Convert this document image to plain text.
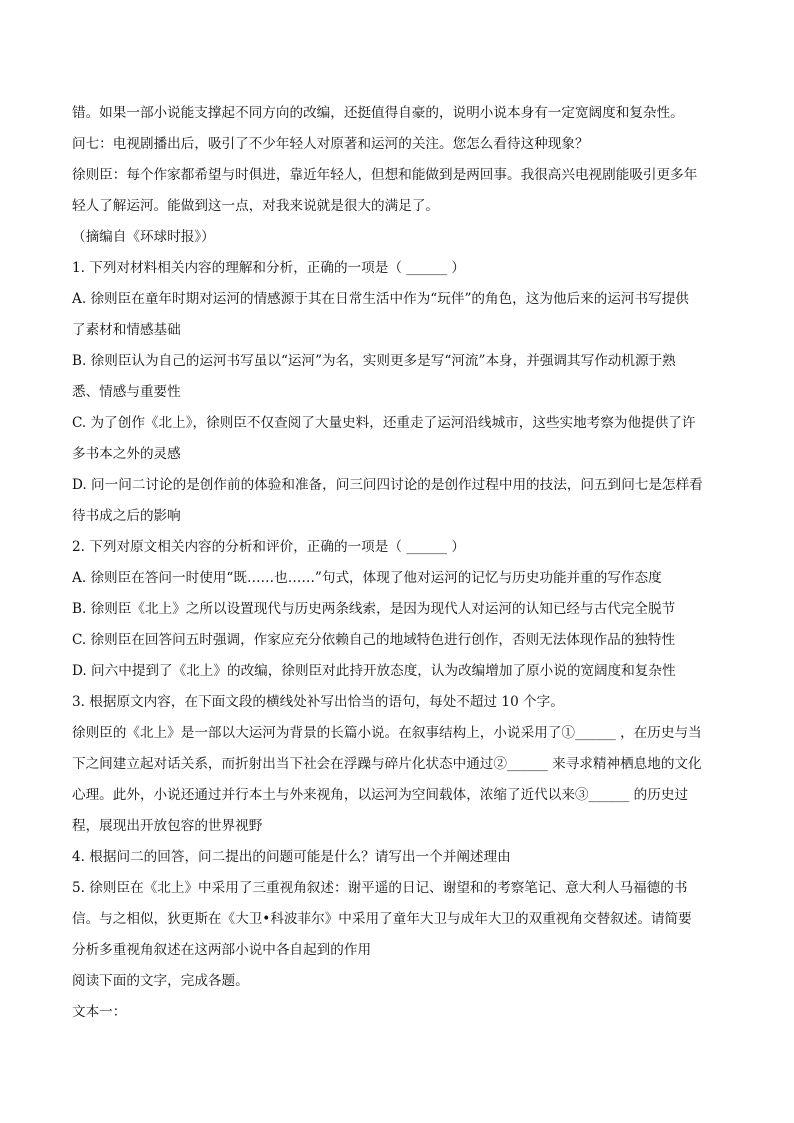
错。如果一部小说能支撑起不同方向的改编，还挺值得自豪的，说明小说本身有一定宽阔度和复杂性。
问七：电视剧播出后，吸引了不少年轻人对原著和运河的关注。您怎么看待这种现象？
徐则臣：每个作家都希望与时俱进，靠近年轻人，但想和能做到是两回事。我很高兴电视剧能吸引更多年
轻人了解运河。能做到这一点，对我来说就是很大的满足了。
（摘编自《环球时报》）
1. 下列对材料相关内容的理解和分析，正确的一项是（ ______ ）
A. 徐则臣在童年时期对运河的情感源于其在日常生活中作为“玩伴”的角色，这为他后来的运河书写提供
了素材和情感基础
B. 徐则臣认为自己的运河书写虽以“运河”为名，实则更多是写“河流”本身，并强调其写作动机源于熟
悉、情感与重要性
C. 为了创作《北上》，徐则臣不仅查阅了大量史料，还重走了运河沿线城市，这些实地考察为他提供了许
多书本之外的灵感
D. 问一问二讨论的是创作前的体验和准备，问三问四讨论的是创作过程中用的技法，问五到问七是怎样看
待书成之后的影响
2. 下列对原文相关内容的分析和评价，正确的一项是（ ______ ）
A. 徐则臣在答问一时使用“既……也……”句式，体现了他对运河的记忆与历史功能并重的写作态度
B. 徐则臣《北上》之所以设置现代与历史两条线索，是因为现代人对运河的认知已经与古代完全脱节
C. 徐则臣在回答问五时强调，作家应充分依赖自己的地域特色进行创作，否则无法体现作品的独特性
D. 问六中提到了《北上》的改编，徐则臣对此持开放态度，认为改编增加了原小说的宽阔度和复杂性
3. 根据原文内容，在下面文段的横线处补写出恰当的语句，每处不超过 10 个字。
徐则臣的《北上》是一部以大运河为背景的长篇小说。在叙事结构上，小说采用了①______ ，在历史与当
下之间建立起对话关系，而折射出当下社会在浮躁与碎片化状态中通过②______ 来寻求精神栖息地的文化
心理。此外，小说还通过并行本土与外来视角，以运河为空间载体，浓缩了近代以来③______ 的历史过
程，展现出开放包容的世界视野
4. 根据问二的回答，问二提出的问题可能是什么？请写出一个并阐述理由
5. 徐则臣在《北上》中采用了三重视角叙述：谢平遥的日记、谢望和的考察笔记、意大利人马福德的书
信。与之相似，狄更斯在《大卫•科波菲尔》中采用了童年大卫与成年大卫的双重视角交替叙述。请简要
分析多重视角叙述在这两部小说中各自起到的作用
阅读下面的文字，完成各题。
文本一：
